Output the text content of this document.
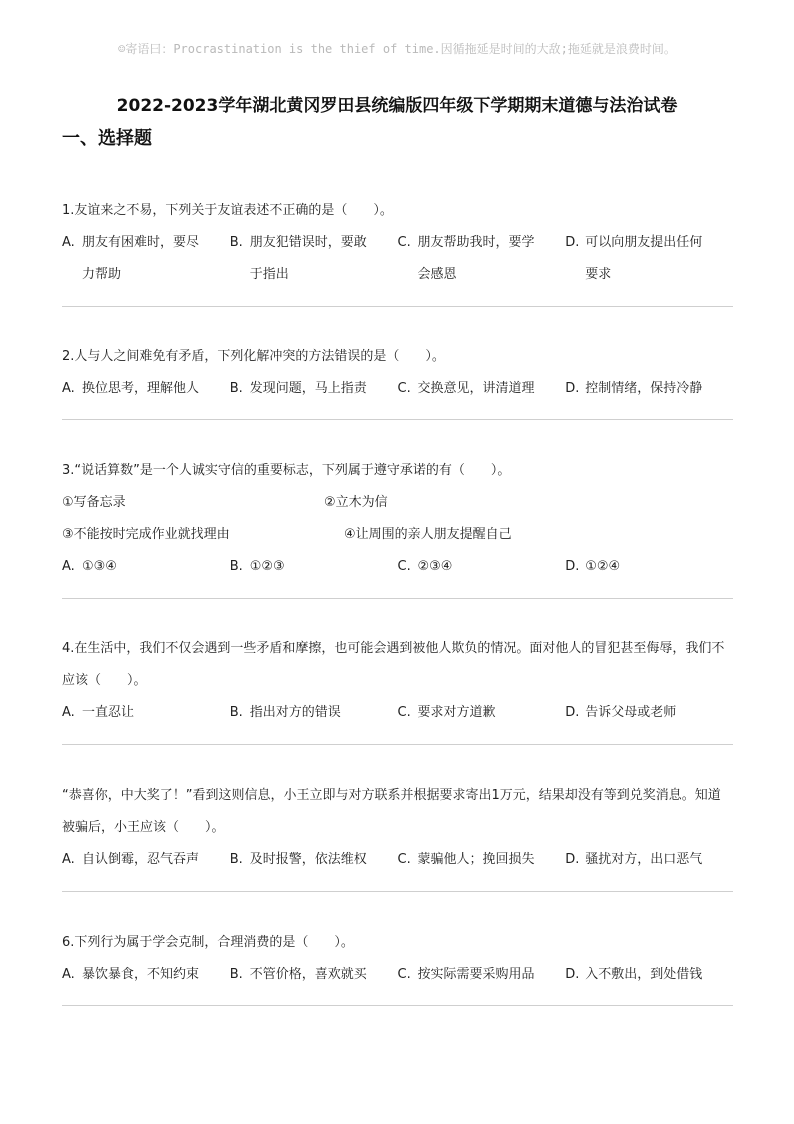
☺寄语曰：Procrastination is the thief of time.因循拖延是时间的大敌;拖延就是浪费时间。
2022-2023学年湖北黄冈罗田县统编版四年级下学期期末道德与法治试卷
一、选择题
1.友谊来之不易，下列关于友谊表述不正确的是（　　）。
A. 朋友有困难时，要尽力帮助
B. 朋友犯错误时，要敢于指出
C. 朋友帮助我时，要学会感恩
D. 可以向朋友提出任何要求
2.人与人之间难免有矛盾，下列化解冲突的方法错误的是（　　）。
A. 换位思考，理解他人	B. 发现问题，马上指责	C. 交换意见，讲清道理	D. 控制情绪，保持冷静
3.“说话算数”是一个人诚实守信的重要标志，下列属于遵守承诺的有（　　）。
①写备忘录	②立木为信
③不能按时完成作业就找理由	④让周围的亲人朋友提醒自己
A. ①③④	B. ①②③	C. ②③④	D. ①②④
4.在生活中，我们不仅会遇到一些矛盾和摩擦，也可能会遇到被他人欺负的情况。面对他人的冒犯甚至侮辱，我们不应该（　　）。
A. 一直忍让	B. 指出对方的错误	C. 要求对方道歉	D. 告诉父母或老师
“恭喜你，中大奖了！”看到这则信息，小王立即与对方联系并根据要求寄出1万元，结果却没有等到兑奖消息。知道被骗后，小王应该（　　）。
A. 自认倒霉，忍气吞声	B. 及时报警，依法维权	C. 蒙骗他人；挽回损失	D. 骚扰对方，出口恶气
6.下列行为属于学会克制，合理消费的是（　　）。
A. 暴饮暴食，不知约束	B. 不管价格，喜欢就买	C. 按实际需要采购用品	D. 入不敷出，到处借钱
